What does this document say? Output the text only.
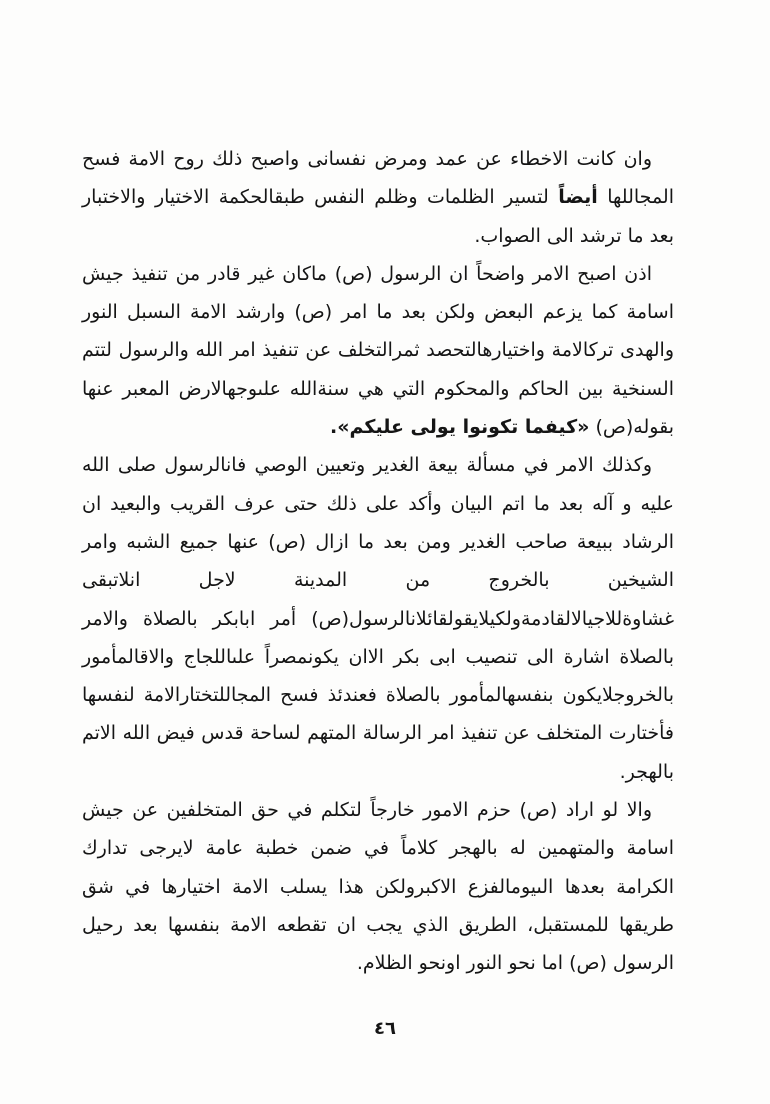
وان كانت الاخطاء عن عمد ومرض نفسانى واصبح ذلك روح الامة فسح المجاللها أيضاً لتسير الظلمات وظلم النفس طبقالحكمة الاختيار والاختبار بعد ما ترشد الى الصواب.

اذن اصبح الامر واضحاً ان الرسول (ص) ماكان غير قادر من تنفيذ جيش اسامة كما يزعم البعض ولكن بعد ما امر (ص) وارشد الامة الىسبل النور والهدى تركالامة واختيارهالتحصد ثمرالتخلف عن تنفيذ امر الله والرسول لتتم السنخية بين الحاكم والمحكوم التي هي سنةالله علىوجهالارض المعبر عنها بقوله(ص) «كيفما تكونوا يولى عليكم».

وكذلك الامر في مسألة بيعة الغدير وتعيين الوصي فانالرسول صلى الله عليه و آله بعد ما اتم البيان وأكد على ذلك حتى عرف القريب والبعيد ان الرشاد ببيعة صاحب الغدير ومن بعد ما ازال (ص) عنها جميع الشبه وامر الشيخين بالخروج من المدينة لاجل انلاتبقى غشاوةللاجيالالقادمةولكيلايقولقائلانالرسول(ص) أمر ابابكر بالصلاة والامر بالصلاة اشارة الى تنصيب ابى بكر الاان يكونمصراً علىاللجاج والاقالمأمور بالخروجلايكون بنفسهالمأمور بالصلاة فعندئذ فسح المجاللتختارالامة لنفسها فأختارت المتخلف عن تنفيذ امر الرسالة المتهم لساحة قدس فيض الله الاتم بالهجر.

والا لو اراد (ص) حزم الامور خارجاً لتكلم في حق المتخلفين عن جيش اسامة والمتهمين له بالهجر كلاماً في ضمن خطبة عامة لايرجى تدارك الكرامة بعدها الىيومالفزع الاكبرولكن هذا يسلب الامة اختيارها في شق طريقها للمستقبل، الطريق الذي يجب ان تقطعه الامة بنفسها بعد رحيل الرسول (ص) اما نحو النور اونحو الظلام.

٤٦
